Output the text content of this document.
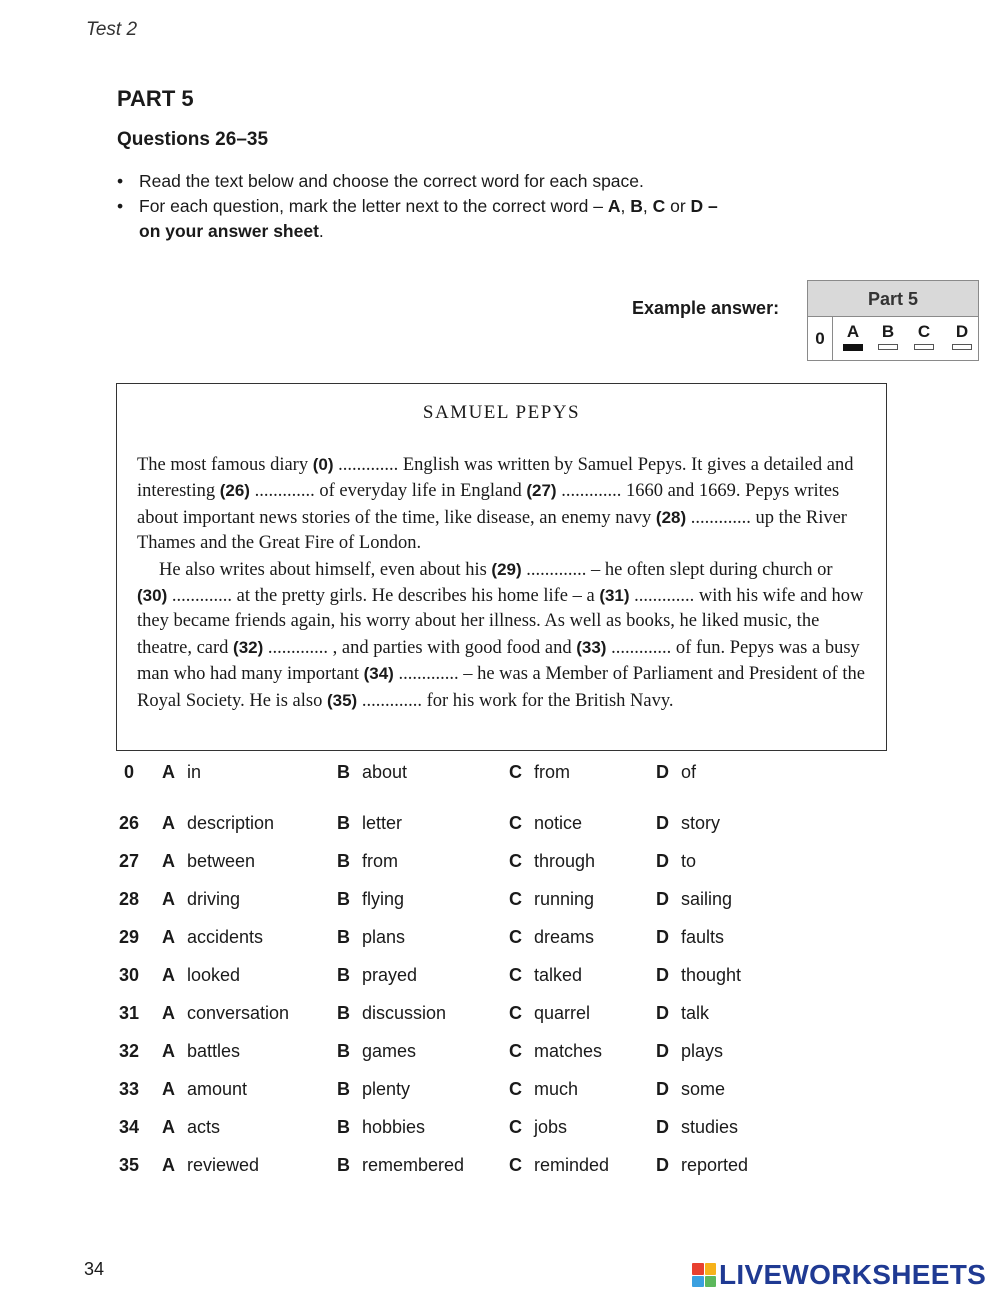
Test 2
PART 5
Questions 26–35
• Read the text below and choose the correct word for each space.
• For each question, mark the letter next to the correct word – A, B, C or D –
on your answer sheet.
Example answer:	Part 5
0	A	B	C	D
SAMUEL PEPYS

The most famous diary (0) ............. English was written by Samuel Pepys. It gives a detailed and interesting (26) ............. of everyday life in England (27) ............. 1660 and 1669. Pepys writes about important news stories of the time, like disease, an enemy navy (28) ............. up the River Thames and the Great Fire of London.

He also writes about himself, even about his (29) ............. – he often slept during church or (30) ............. at the pretty girls. He describes his home life – a (31) ............. with his wife and how they became friends again, his worry about her illness. As well as books, he liked music, the theatre, card (32) ............. , and parties with good food and (33) ............. of fun. Pepys was a busy man who had many important (34) ............. – he was a Member of Parliament and President of the Royal Society. He is also (35) ............. for his work for the British Navy.

0	A in	B about	C from	D of
26 A description	B letter	C notice	D story
27 A between	B from	C through	D to
28 A driving	B flying	C running	D sailing
29 A accidents	B plans	C dreams	D faults
30 A looked	B prayed	C talked	D thought
31 A conversation	B discussion	C quarrel	D talk
32 A battles	B games	C matches	D plays
33 A amount	B plenty	C much	D some
34 A acts	B hobbies	C jobs	D studies
35 A reviewed	B remembered C reminded	D reported
34	LIVEWORKSHEETS
